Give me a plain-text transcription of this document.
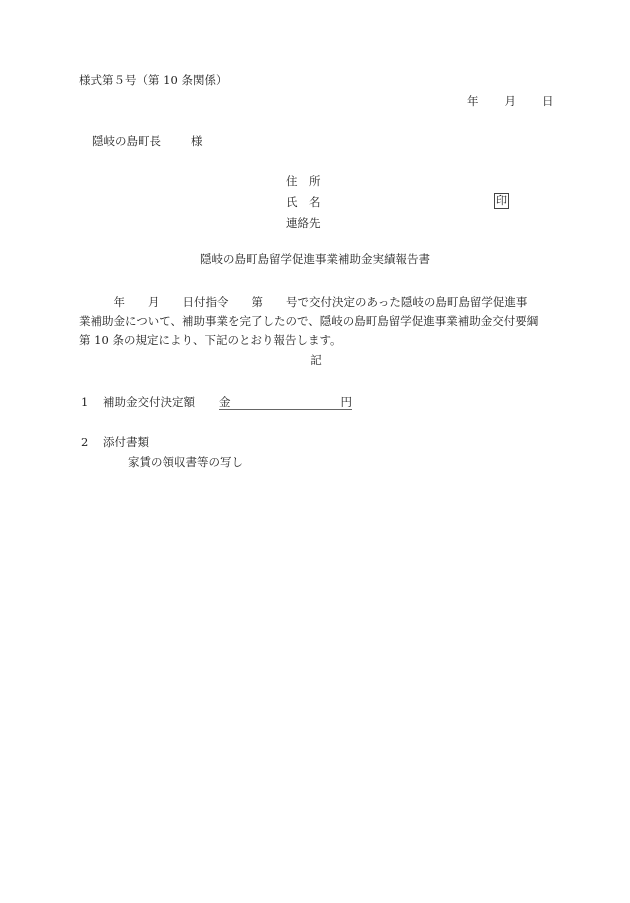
様式第５号（第 10 条関係）
年 月 日
隠岐の島町長	様
住　所
氏　名
連絡先
印
隠岐の島町島留学促進事業補助金実績報告書
　　　年　　月　　日付指令　　第　　号で交付決定のあった隠岐の島町島留学促進事
業補助金について、補助事業を完了したので、隠岐の島町島留学促進事業補助金交付要綱
第 10 条の規定により、下記のとおり報告します。
記
1 補助金交付決定額 金	円
2 添付書類
家賃の領収書等の写し
